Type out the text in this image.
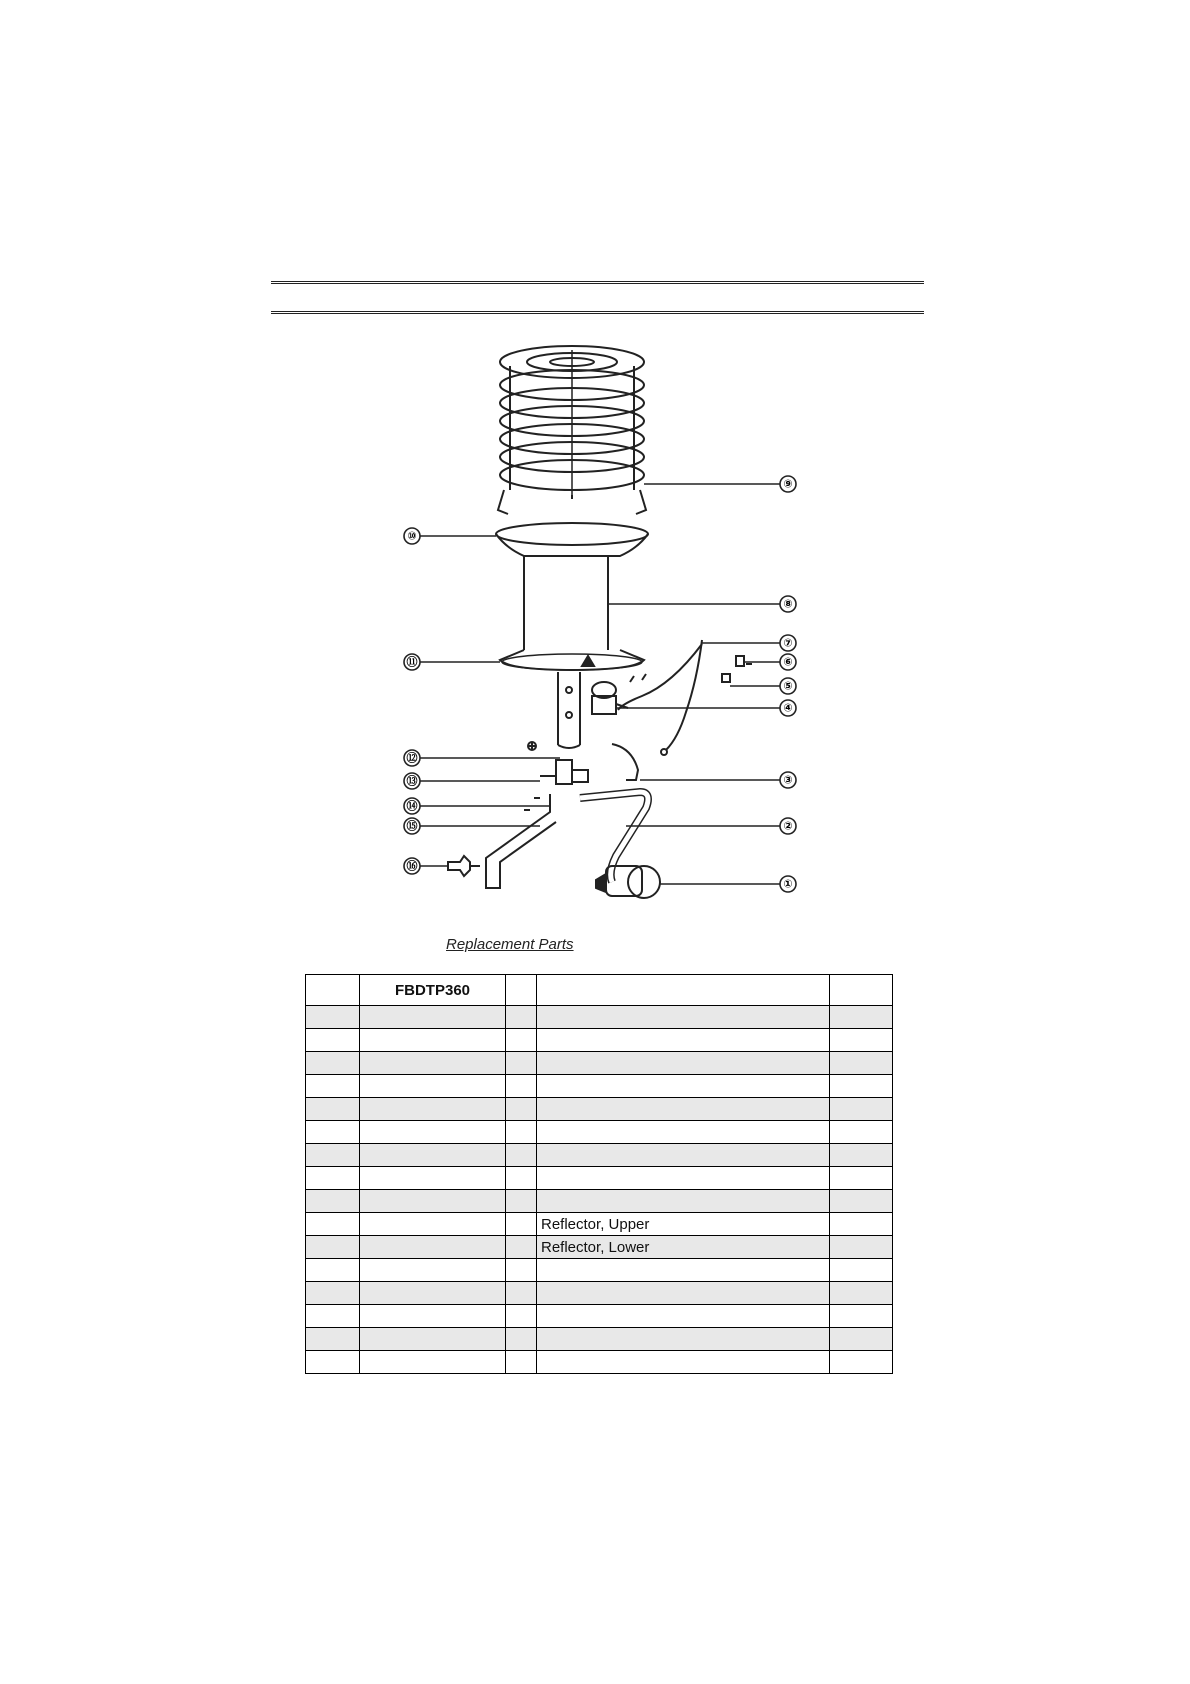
①
②
③
④
⑤
⑥
⑦
⑧
⑨
⑩
⑪
⑫
⑬
⑭
⑮
⑯
Replacement Parts
	FBDTP360			

			Reflector, Upper	
			Reflector, Lower	
